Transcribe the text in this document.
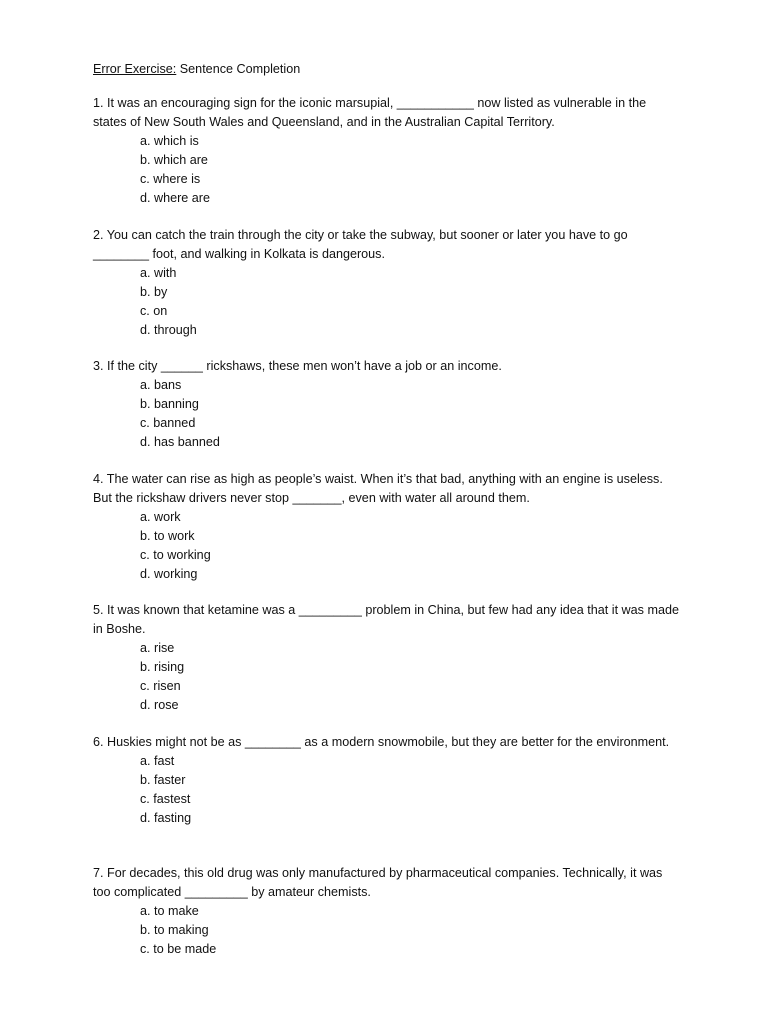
Error Exercise: Sentence Completion
1. It was an encouraging sign for the iconic marsupial, ___________ now listed as vulnerable in the states of New South Wales and Queensland, and in the Australian Capital Territory.
a. which is
b. which are
c. where is
d. where are
2. You can catch the train through the city or take the subway, but sooner or later you have to go ________ foot, and walking in Kolkata is dangerous.
a. with
b. by
c. on
d. through
3. If the city ______ rickshaws, these men won’t have a job or an income.
a. bans
b. banning
c. banned
d. has banned
4. The water can rise as high as people’s waist. When it’s that bad, anything with an engine is useless. But the rickshaw drivers never stop _______, even with water all around them.
a. work
b. to work
c. to working
d. working
5. It was known that ketamine was a _________ problem in China, but few had any idea that it was made in Boshe.
a. rise
b. rising
c. risen
d. rose
6. Huskies might not be as ________ as a modern snowmobile, but they are better for the environment.
a. fast
b. faster
c. fastest
d. fasting
7. For decades, this old drug was only manufactured by pharmaceutical companies. Technically, it was too complicated _________ by amateur chemists.
a. to make
b. to making
c. to be made
